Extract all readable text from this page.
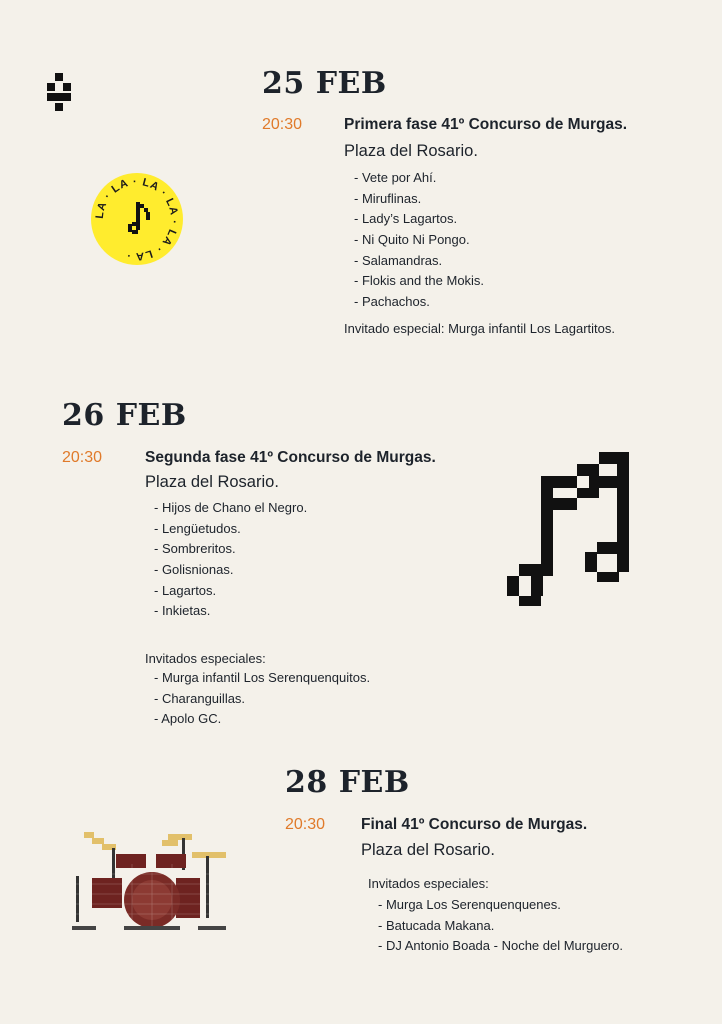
LA · LA · LA · LA · LA · LA ·
25 FEB
20:30	Primera fase 41º Concurso de Murgas.
Plaza del Rosario.
- Vete por Ahí.
- Miruflinas.
- Lady’s Lagartos.
- Ni Quito Ni Pongo.
- Salamandras.
- Flokis and the Mokis.
- Pachachos.
Invitado especial: Murga infantil Los Lagartitos.
26 FEB
20:30	Segunda fase 41º Concurso de Murgas.
Plaza del Rosario.
- Hijos de Chano el Negro.
- Lengüetudos.
- Sombreritos.
- Golisnionas.
- Lagartos.
- Inkietas.
Invitados especiales:
- Murga infantil Los Serenquenquitos.
- Charanguillas.
- Apolo GC.
28 FEB
20:30 Final 41º Concurso de Murgas.
Plaza del Rosario.
Invitados especiales:
- Murga Los Serenquenquenes.
- Batucada Makana.
- DJ Antonio Boada - Noche del Murguero.
